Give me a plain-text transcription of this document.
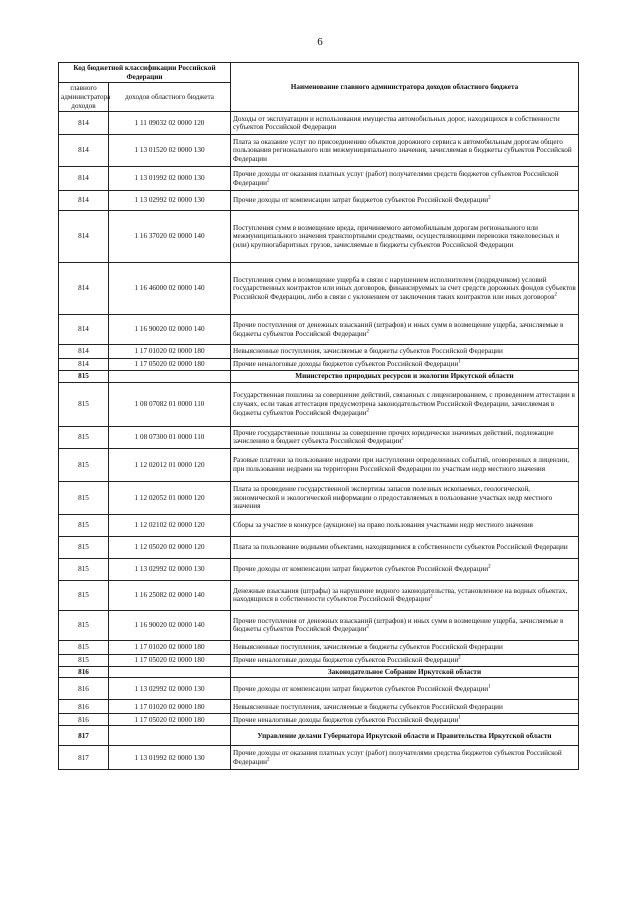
6
Код бюджетной классификации Российской Федерации		Наименование главного администратора доходов областного бюджета
главного администратора доходов	доходов областного бюджета	
814	1 11 09032 02 0000 120	Доходы от эксплуатации и использования имущества автомобильных дорог, находящихся в собственности субъектов Российской Федерации
814	1 13 01520 02 0000 130	Плата за оказание услуг по присоединению объектов дорожного сервиса к автомобильным дорогам общего пользования регионального или межмуниципального значения, зачисляемая в бюджеты субъектов Российской Федерации
814	1 13 01992 02 0000 130	Прочие доходы от оказания платных услуг (работ) получателями средств бюджетов субъектов Российской Федерации$^2$
814	1 13 02992 02 0000 130	Прочие доходы от компенсации затрат бюджетов субъектов Российской Федерации$^2$
814	1 16 37020 02 0000 140	Поступления сумм в возмещение вреда, причиняемого автомобильным дорогам регионального или межмуниципального значения транспортными средствами, осуществляющими перевозки тяжеловесных и (или) крупногабаритных грузов, зачисляемые в бюджеты субъектов Российской Федерации
814	1 16 46000 02 0000 140	Поступления сумм в возмещение ущерба в связи с нарушением исполнителем (подрядчиком) условий государственных контрактов или иных договоров, финансируемых за счет средств дорожных фондов субъектов Российской Федерации, либо в связи с уклонением от заключения таких контрактов или иных договоров$^2$
814	1 16 90020 02 0000 140	Прочие поступления от денежных взысканий (штрафов) и иных сумм в возмещение ущерба, зачисляемые в бюджеты субъектов Российской Федерации$^2$
814	1 17 01020 02 0000 180	Невыясненные поступления, зачисляемые в бюджеты субъектов Российской Федерации
814	1 17 05020 02 0000 180	Прочие неналоговые доходы бюджетов субъектов Российской Федерации$^1$
815		Министерство природных ресурсов и экологии Иркутской области
815	1 08 07082 01 0000 110	Государственная пошлина за совершение действий, связанных с лицензированием, с проведением аттестации в случаях, если такая аттестация предусмотрена законодательством Российской Федерации, зачисляемая в бюджеты субъектов Российской Федерации$^2$
815	1 08 07300 01 0000 110	Прочие государственные пошлины за совершение прочих юридически значимых действий, подлежащие зачислению в бюджет субъекта Российской Федерации$^2$
815	1 12 02012 01 0000 120	Разовые платежи за пользование недрами при наступлении определенных событий, оговоренных в лицензии, при пользовании недрами на территории Российской Федерации по участкам недр местного значения
815	1 12 02052 01 0000 120	Плата за проведение государственной экспертизы запасов полезных ископаемых, геологической, экономической и экологической информации о предоставляемых в пользование участках недр местного значения
815	1 12 02102 02 0000 120	Сборы за участие в конкурсе (аукционе) на право пользования участками недр местного значения
815	1 12 05020 02 0000 120	Плата за пользование водными объектами, находящимися в собственности субъектов Российской Федерации
815	1 13 02992 02 0000 130	Прочие доходы от компенсации затрат бюджетов субъектов Российской Федерации$^2$
815	1 16 25082 02 0000 140	Денежные взыскания (штрафы) за нарушение водного законодательства, установленное на водных объектах, находящихся в собственности субъектов Российской Федерации$^2$
815	1 16 90020 02 0000 140	Прочие поступления от денежных взысканий (штрафов) и иных сумм в возмещение ущерба, зачисляемые в бюджеты субъектов Российской Федерации$^2$
815	1 17 01020 02 0000 180	Невыясненные поступления, зачисляемые в бюджеты субъектов Российской Федерации
815	1 17 05020 02 0000 180	Прочие неналоговые доходы бюджетов субъектов Российской Федерации$^2$
816		Законодательное Собрание Иркутской области
816	1 13 02992 02 0000 130	Прочие доходы от компенсации затрат бюджетов субъектов Российской Федерации$^1$
816	1 17 01020 02 0000 180	Невыясненные поступления, зачисляемые в бюджеты субъектов Российской Федерации
816	1 17 05020 02 0000 180	Прочие неналоговые доходы бюджетов субъектов Российской Федерации$^1$
817		Управление делами Губернатора Иркутской области и Правительства Иркутской области
817	1 13 01992 02 0000 130	Прочие доходы от оказания платных услуг (работ) получателями средства бюджетов субъектов Российской Федерации$^2$
